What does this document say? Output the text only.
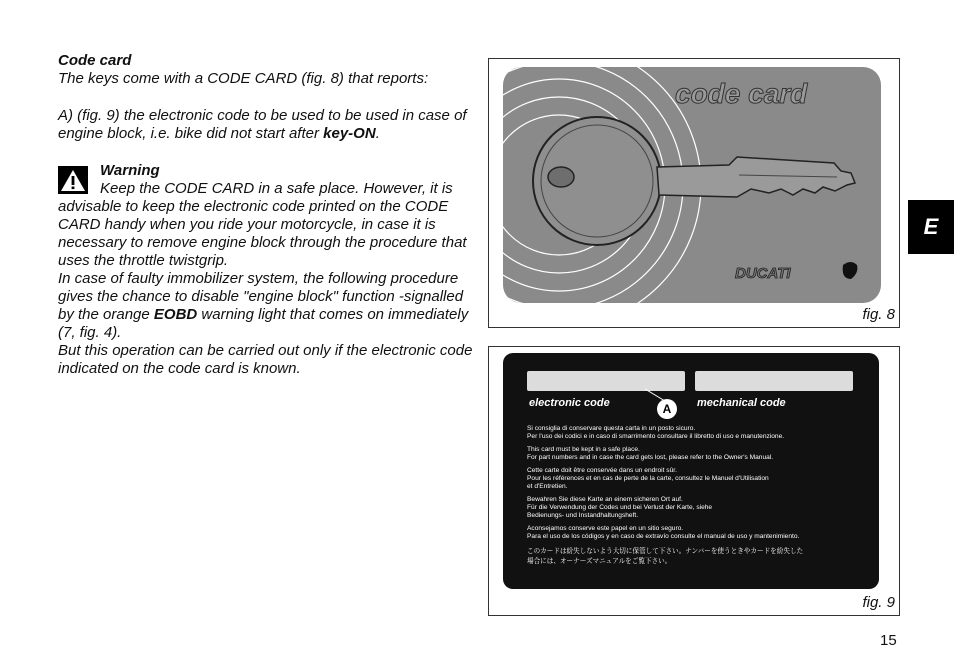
Code card
The keys come with a CODE CARD (fig. 8) that reports:
A) (fig. 9) the electronic code to be used to be used in case of engine block, i.e. bike did not start after key-ON.
Warning
Keep the CODE CARD in a safe place. However, it is advisable to keep the electronic code printed on the CODE CARD handy when you ride your motorcycle, in case it is necessary to remove engine block through the procedure that uses the throttle twistgrip.
In case of faulty immobilizer system, the following procedure gives the chance to disable "engine block" function -signalled by the orange EOBD warning light that comes on immediately (7, fig. 4).
But this operation can be carried out only if the electronic code indicated on the code card is known.
code card
DUCATI
fig. 8
electronic code	mechanical code
A
Si consiglia di conservare questa carta in un posto sicuro.
Per l'uso dei codici e in caso di smarrimento consultare il libretto di uso e manutenzione.
This card must be kept in a safe place.
For part numbers and in case the card gets lost, please refer to the Owner's Manual.
Cette carte doit être conservée dans un endroit sûr.
Pour les références et en cas de perte de la carte, consultez le Manuel d'Utilisation
et d'Entretien.
Bewahren Sie diese Karte an einem sicheren Ort auf.
Für die Verwendung der Codes und bei Verlust der Karte, siehe
Bedienungs- und Instandhaltungsheft.
Aconsejamos conserve este papel en un sitio seguro.
Para el uso de los códigos y en caso de extravío consulte el manual de uso y mantenimiento.
このカードは紛失しないよう大切に保管して下さい。ナンバーを使うときやカードを紛失した
場合には、オーナーズマニュアルをご覧下さい。
fig. 9
E
15
